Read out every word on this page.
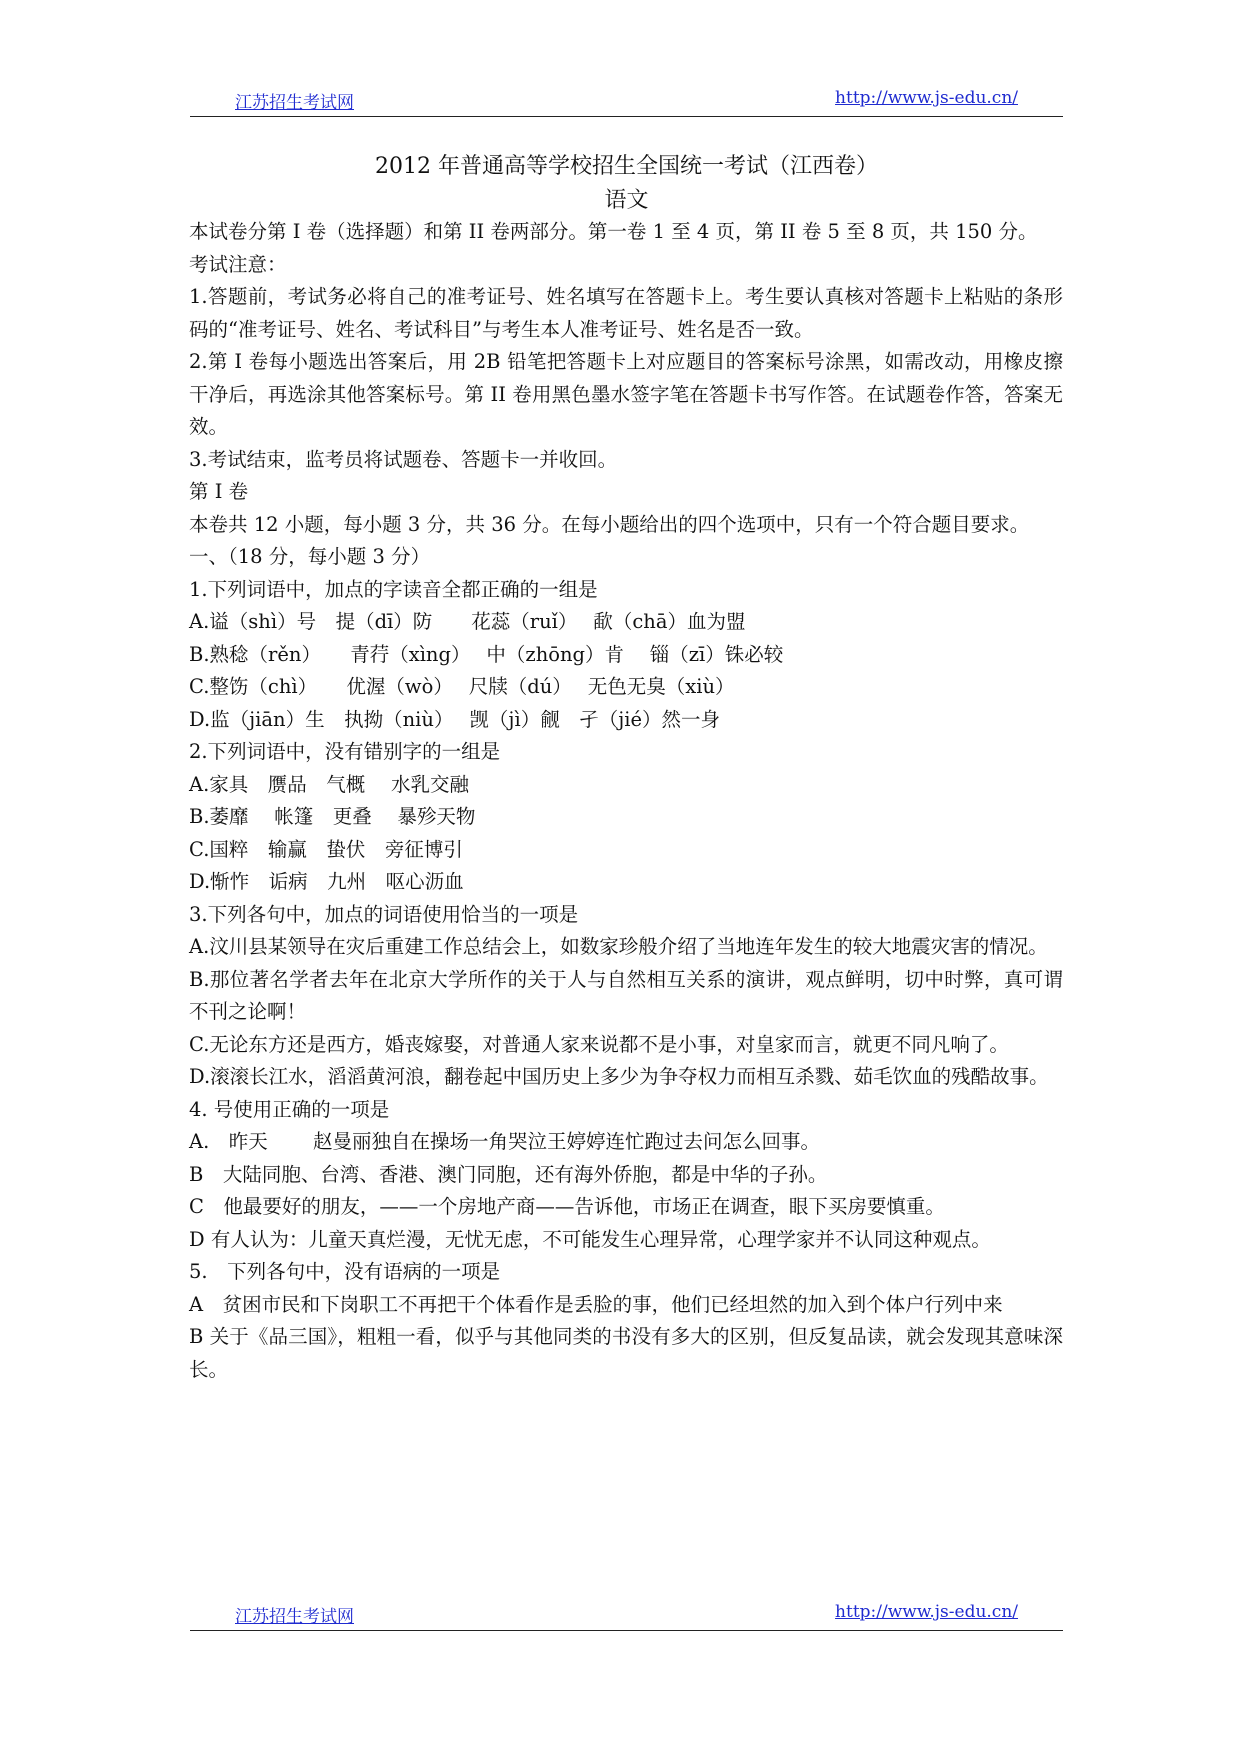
江苏招生考试网	http://www.js-edu.cn/
2012 年普通高等学校招生全国统一考试（江西卷）
语文

本试卷分第 I 卷（选择题）和第 II 卷两部分。第一卷 1 至 4 页，第 II 卷 5 至 8 页，共 150 分。

考试注意：

1.答题前，考试务必将自己的准考证号、姓名填写在答题卡上。考生要认真核对答题卡上粘贴的条形码的“准考证号、姓名、考试科目”与考生本人准考证号、姓名是否一致。

2.第 I 卷每小题选出答案后，用 2B 铅笔把答题卡上对应题目的答案标号涂黑，如需改动，用橡皮擦干净后，再选涂其他答案标号。第 II 卷用黑色墨水签字笔在答题卡书写作答。在试题卷作答，答案无效。

3.考试结束，监考员将试题卷、答题卡一并收回。

第 I 卷

本卷共 12 小题，每小题 3 分，共 36 分。在每小题给出的四个选项中，只有一个符合题目要求。

一、（18 分，每小题 3 分）

1.下列词语中，加点的字读音全都正确的一组是

A.谥（shì）号　提（dī）防　　花蕊（ruǐ）　 歃（chā）血为盟

B.熟稔（rěn）　　青荇（xìng）　 中（zhōng）肯　 锱（zī）铢必较

C.整饬（chì）　　优渥（wò）　 尺牍（dú）　 无色无臭（xiù）

D.监（jiān）生　执拗（niù）　 觊（jì）觎　孑（jié）然一身

2.下列词语中，没有错别字的一组是

A.家具　赝品　气概　 水乳交融

B.萎靡　 帐篷　更叠　 暴殄天物

C.国粹　输赢　蛰伏　旁征博引

D.惭怍　诟病　九州　呕心沥血

3.下列各句中，加点的词语使用恰当的一项是

A.汶川县某领导在灾后重建工作总结会上，如数家珍般介绍了当地连年发生的较大地震灾害的情况。

B.那位著名学者去年在北京大学所作的关于人与自然相互关系的演讲，观点鲜明，切中时弊，真可谓不刊之论啊！

C.无论东方还是西方，婚丧嫁娶，对普通人家来说都不是小事，对皇家而言，就更不同凡响了。

D.滚滚长江水，滔滔黄河浪，翻卷起中国历史上多少为争夺权力而相互杀戮、茹毛饮血的残酷故事。

4. 号使用正确的一项是

A.　昨天　　 赵曼丽独自在操场一角哭泣王婷婷连忙跑过去问怎么回事。

B　大陆同胞、台湾、香港、澳门同胞，还有海外侨胞，都是中华的子孙。

C　他最要好的朋友，——一个房地产商——告诉他，市场正在调查，眼下买房要慎重。

D 有人认为：儿童天真烂漫，无忧无虑，不可能发生心理异常，心理学家并不认同这种观点。

5.　下列各句中，没有语病的一项是

A　贫困市民和下岗职工不再把干个体看作是丢脸的事，他们已经坦然的加入到个体户行列中来

B 关于《品三国》，粗粗一看，似乎与其他同类的书没有多大的区别，但反复品读，就会发现其意味深长。

江苏招生考试网	http://www.js-edu.cn/
